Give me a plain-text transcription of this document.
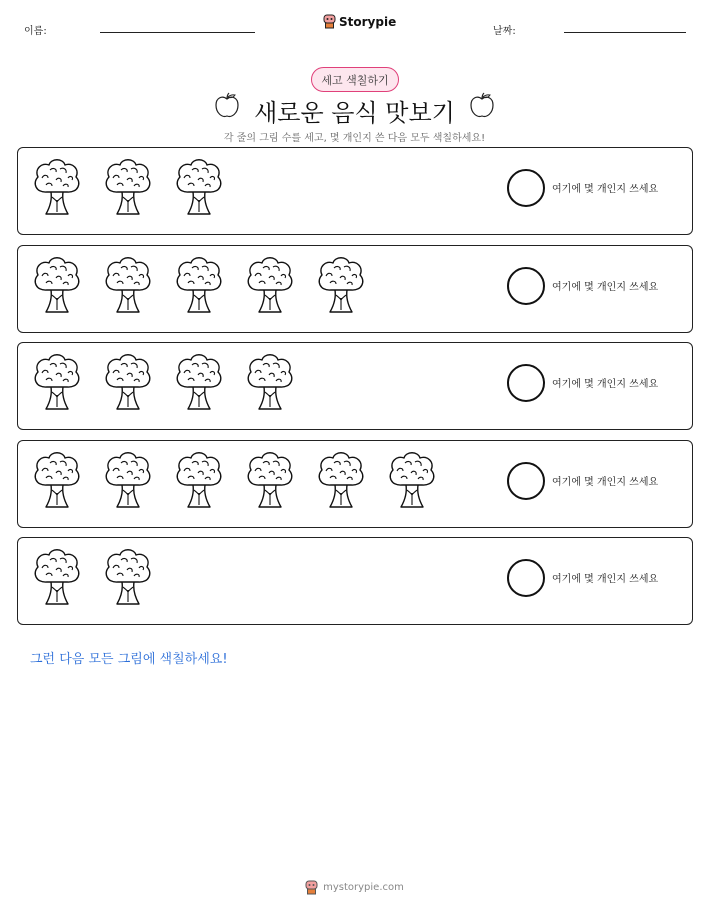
이름:
Storypie
날짜:
세고 색칠하기
새로운 음식 맛보기
각 줄의 그림 수를 세고, 몇 개인지 쓴 다음 모두 색칠하세요!
여기에 몇 개인지 쓰세요
여기에 몇 개인지 쓰세요
여기에 몇 개인지 쓰세요
여기에 몇 개인지 쓰세요
여기에 몇 개인지 쓰세요
그런 다음 모든 그림에 색칠하세요!
mystorypie.com
